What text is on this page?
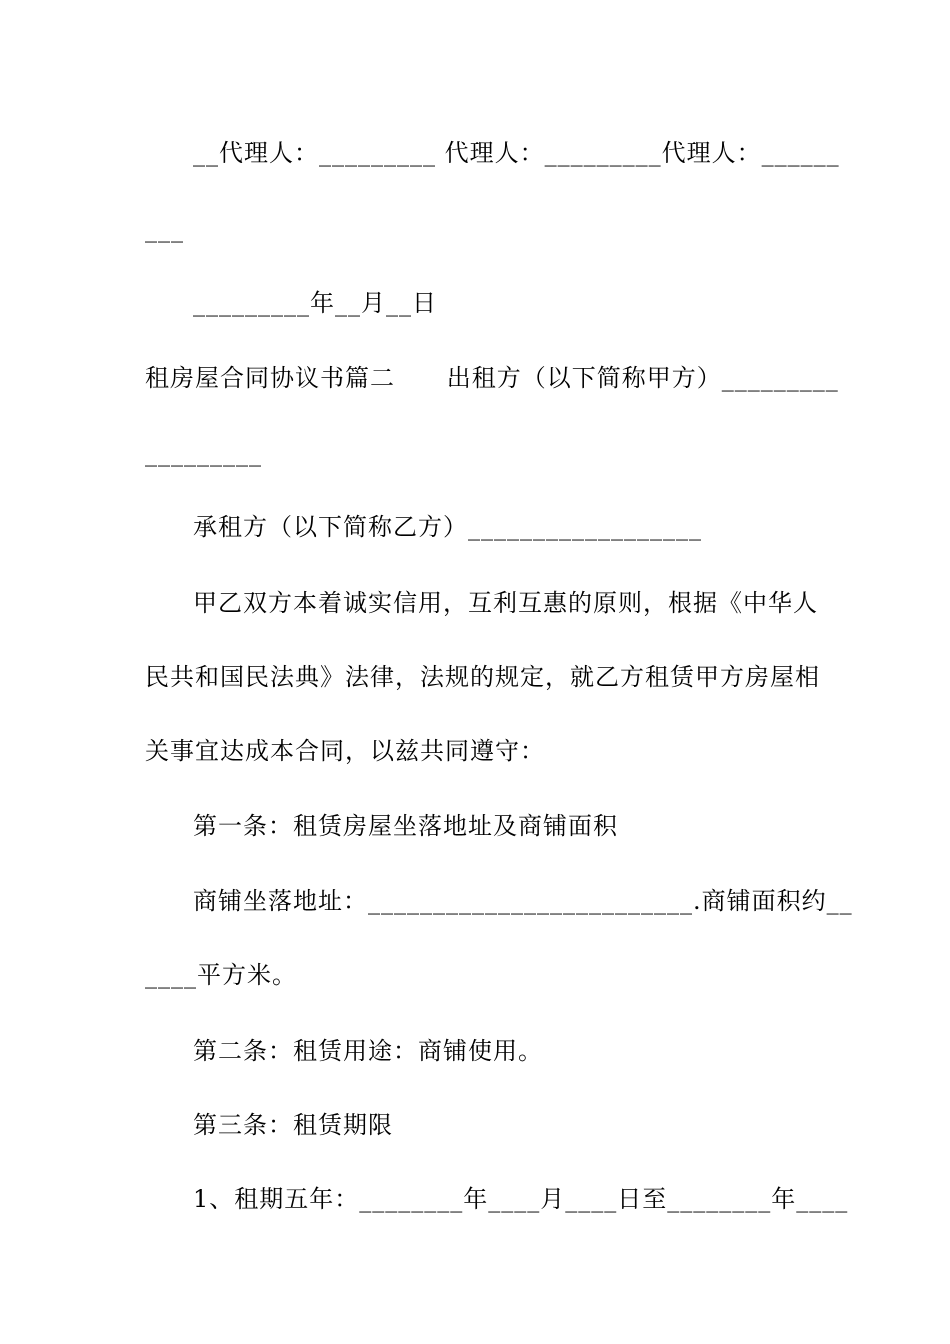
__代理人：_________ 代理人：_________代理人：______
___
_________年__月__日
租房屋合同协议书篇二      出租方（以下简称甲方）_________
_________
承租方（以下简称乙方）__________________
甲乙双方本着诚实信用，互利互惠的原则，根据《中华人
民共和国民法典》法律，法规的规定，就乙方租赁甲方房屋相
关事宜达成本合同，以兹共同遵守：
第一条：租赁房屋坐落地址及商铺面积
商铺坐落地址：_________________________.商铺面积约__
____平方米。
第二条：租赁用途：商铺使用。
第三条：租赁期限
1、租期五年：________年____月____日至________年____
